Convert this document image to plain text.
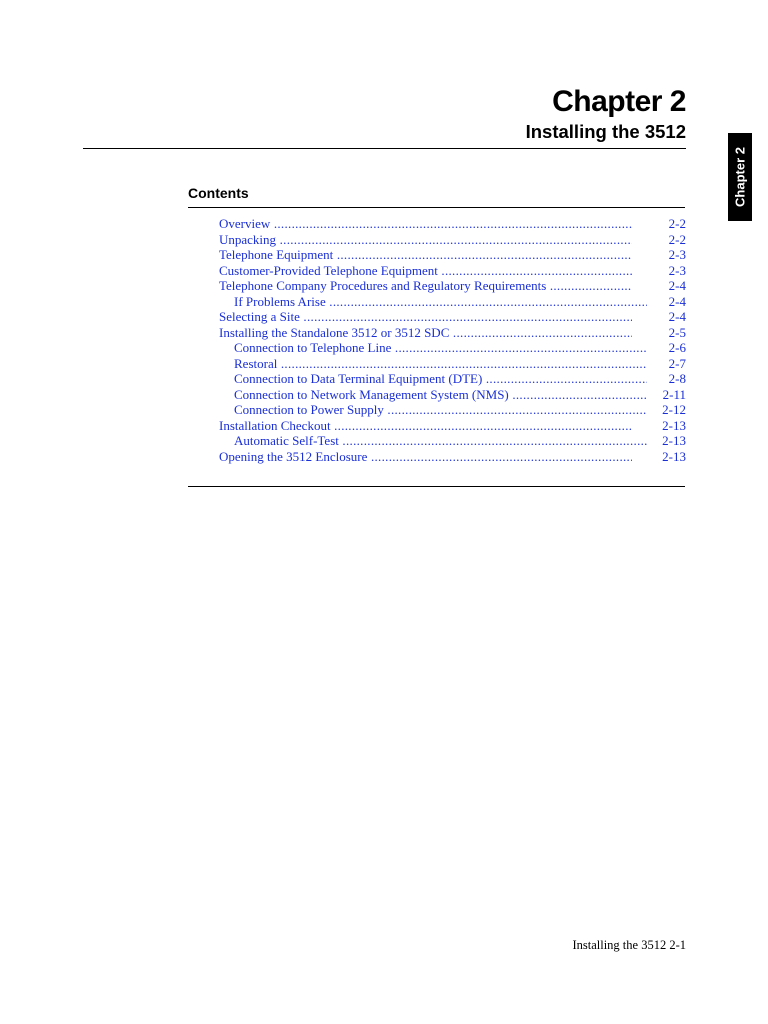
Chapter 2
Installing the 3512
Chapter 2
Contents
Overview .....	2-2
Unpacking .....	2-2
Telephone Equipment .....	2-3
Customer-Provided Telephone Equipment .....	2-3
Telephone Company Procedures and Regulatory Requirements .....	2-4
If Problems Arise .....	2-4
Selecting a Site .....	2-4
Installing the Standalone 3512 or 3512 SDC .....	2-5
Connection to Telephone Line .....	2-6
Restoral .....	2-7
Connection to Data Terminal Equipment (DTE) .....	2-8
Connection to Network Management System (NMS) .....	2-11
Connection to Power Supply .....	2-12
Installation Checkout .....	2-13
Automatic Self-Test .....	2-13
Opening the 3512 Enclosure .....	2-13
Installing the 3512 2-1
